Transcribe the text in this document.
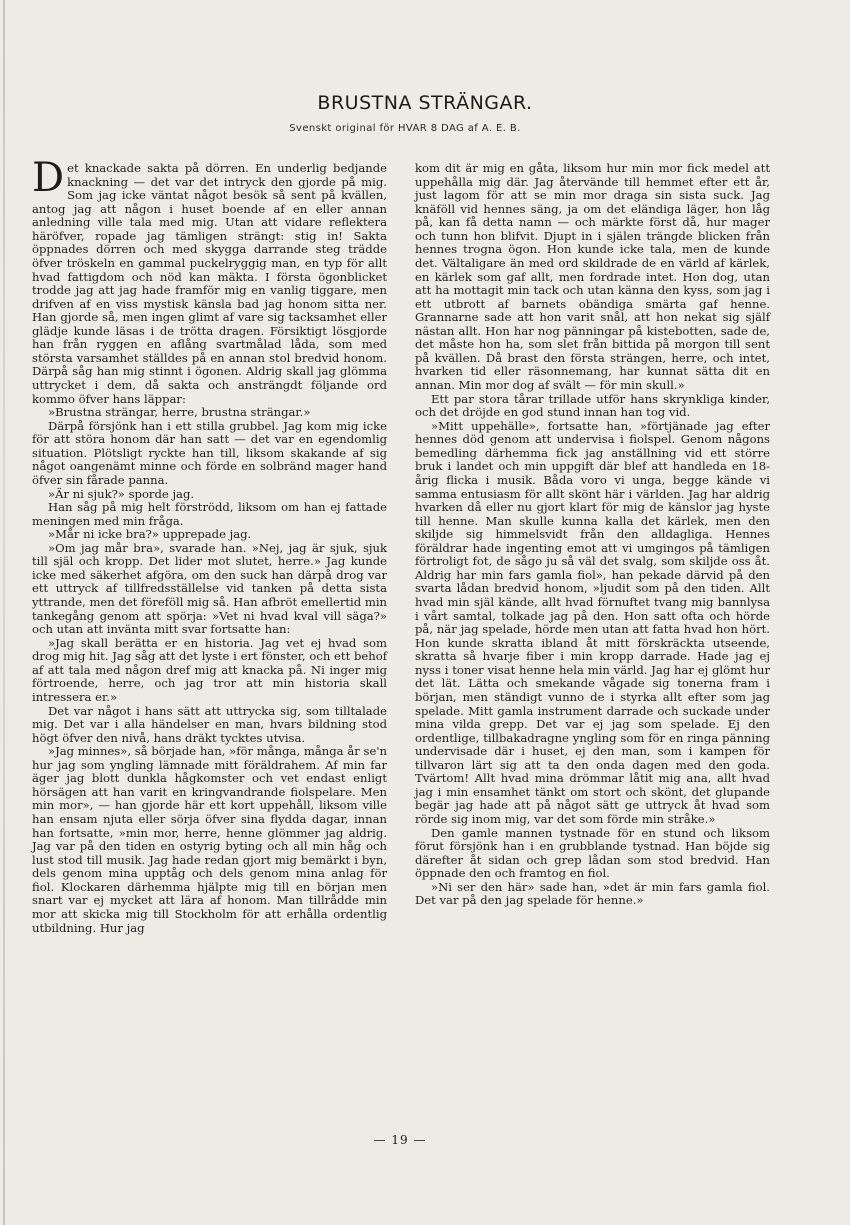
BRUSTNA STRÄNGAR.
Svenskt original för HVAR 8 DAG af A. E. B.

Det knackade sakta på dörren. En underlig bedjande knackning — det var det intryck den gjorde på mig. Som jag icke väntat något besök så sent på kvällen, antog jag att någon i huset boende af en eller annan anledning ville tala med mig. Utan att vidare reflektera häröfver, ropade jag tämligen strängt: stig in! Sakta öppnades dörren och med skygga darrande steg trädde öfver tröskeln en gammal puckelryggig man, en typ för allt hvad fattigdom och nöd kan mäkta. I första ögonblicket trodde jag att jag hade framför mig en vanlig tiggare, men drifven af en viss mystisk känsla bad jag honom sitta ner. Han gjorde så, men ingen glimt af vare sig tacksamhet eller glädje kunde läsas i de trötta dragen. Försiktigt lösgjorde han från ryggen en aflång svartmålad låda, som med största varsamhet ställdes på en annan stol bredvid honom. Därpå såg han mig stinnt i ögonen. Aldrig skall jag glömma uttrycket i dem, då sakta och ansträngdt följande ord kommo öfver hans läppar:

»Brustna strängar, herre, brustna strängar.»

Därpå försjönk han i ett stilla grubbel. Jag kom mig icke för att störa honom där han satt — det var en egendomlig situation. Plötsligt ryckte han till, liksom skakande af sig något oangenämt minne och förde en solbränd mager hand öfver sin fårade panna.

»Är ni sjuk?» sporde jag.

Han såg på mig helt förströdd, liksom om han ej fattade meningen med min fråga.

»Mår ni icke bra?» upprepade jag.

»Om jag mår bra», svarade han. »Nej, jag är sjuk, sjuk till själ och kropp. Det lider mot slutet, herre.» Jag kunde icke med säkerhet afgöra, om den suck han därpå drog var ett uttryck af tillfredsställelse vid tanken på detta sista yttrande, men det föreföll mig så. Han afbröt emellertid min tankegång genom att spörja: »Vet ni hvad kval vill säga?» och utan att invänta mitt svar fortsatte han:

»Jag skall berätta er en historia. Jag vet ej hvad som drog mig hit. Jag såg att det lyste i ert fönster, och ett behof af att tala med någon dref mig att knacka på. Ni inger mig förtroende, herre, och jag tror att min historia skall intressera er.»

Det var något i hans sätt att uttrycka sig, som tilltalade mig. Det var i alla händelser en man, hvars bildning stod högt öfver den nivå, hans dräkt tycktes utvisa.

»Jag minnes», så började han, »för många, många år se'n hur jag som yngling lämnade mitt föräldrahem. Af min far äger jag blott dunkla hågkomster och vet endast enligt hörsägen att han varit en kringvandrande fiolspelare. Men min mor», — han gjorde här ett kort uppehåll, liksom ville han ensam njuta eller sörja öfver sina flydda dagar, innan han fortsatte, »min mor, herre, henne glömmer jag aldrig. Jag var på den tiden en ostyrig byting och all min håg och lust stod till musik. Jag hade redan gjort mig bemärkt i byn, dels genom mina upptåg och dels genom mina anlag för fiol. Klockaren därhemma hjälpte mig till en början men snart var ej mycket att lära af honom. Man tillrådde min mor att skicka mig till Stockholm för att erhålla ordentlig utbildning. Hur jag

kom dit är mig en gåta, liksom hur min mor fick medel att uppehålla mig där. Jag återvände till hemmet efter ett år, just lagom för att se min mor draga sin sista suck. Jag knäföll vid hennes säng, ja om det eländiga läger, hon låg på, kan få detta namn — och märkte först då, hur mager och tunn hon blifvit. Djupt in i själen trängde blicken från hennes trogna ögon. Hon kunde icke tala, men de kunde det. Vältaligare än med ord skildrade de en värld af kärlek, en kärlek som gaf allt, men fordrade intet. Hon dog, utan att ha mottagit min tack och utan känna den kyss, som jag i ett utbrott af barnets obändiga smärta gaf henne. Grannarne sade att hon varit snål, att hon nekat sig själf nästan allt. Hon har nog pänningar på kistebotten, sade de, det måste hon ha, som slet från bittida på morgon till sent på kvällen. Då brast den första strängen, herre, och intet, hvarken tid eller räsonnemang, har kunnat sätta dit en annan. Min mor dog af svält — för min skull.»

Ett par stora tårar trillade utför hans skrynkliga kinder, och det dröjde en god stund innan han tog vid.

»Mitt uppehälle», fortsatte han, »förtjänade jag efter hennes död genom att undervisa i fiolspel. Genom någons bemedling därhemma fick jag anställning vid ett större bruk i landet och min uppgift där blef att handleda en 18-årig flicka i musik. Båda voro vi unga, begge kände vi samma entusiasm för allt skönt här i världen. Jag har aldrig hvarken då eller nu gjort klart för mig de känslor jag hyste till henne. Man skulle kunna kalla det kärlek, men den skiljde sig himmelsvidt från den alldagliga. Hennes föräldrar hade ingenting emot att vi umgingos på tämligen förtroligt fot, de sågo ju så väl det svalg, som skiljde oss åt. Aldrig har min fars gamla fiol», han pekade därvid på den svarta lådan bredvid honom, »ljudit som på den tiden. Allt hvad min själ kände, allt hvad förnuftet tvang mig bannlysa i vårt samtal, tolkade jag på den. Hon satt ofta och hörde på, när jag spelade, hörde men utan att fatta hvad hon hört. Hon kunde skratta ibland åt mitt förskräckta utseende, skratta så hvarje fiber i min kropp darrade. Hade jag ej nyss i toner visat henne hela min värld. Jag har ej glömt hur det lät. Lätta och smekande vågade sig tonerna fram i början, men ständigt vunno de i styrka allt efter som jag spelade. Mitt gamla instrument darrade och suckade under mina vilda grepp. Det var ej jag som spelade. Ej den ordentlige, tillbakadragne yngling som för en ringa pänning undervisade där i huset, ej den man, som i kampen för tillvaron lärt sig att ta den onda dagen med den goda. Tvärtom! Allt hvad mina drömmar låtit mig ana, allt hvad jag i min ensamhet tänkt om stort och skönt, det glupande begär jag hade att på något sätt ge uttryck åt hvad som rörde sig inom mig, var det som förde min stråke.»

Den gamle mannen tystnade för en stund och liksom förut försjönk han i en grubblande tystnad. Han böjde sig därefter åt sidan och grep lådan som stod bredvid. Han öppnade den och framtog en fiol.

»Ni ser den här» sade han, »det är min fars gamla fiol. Det var på den jag spelade för henne.»

— 19 —
